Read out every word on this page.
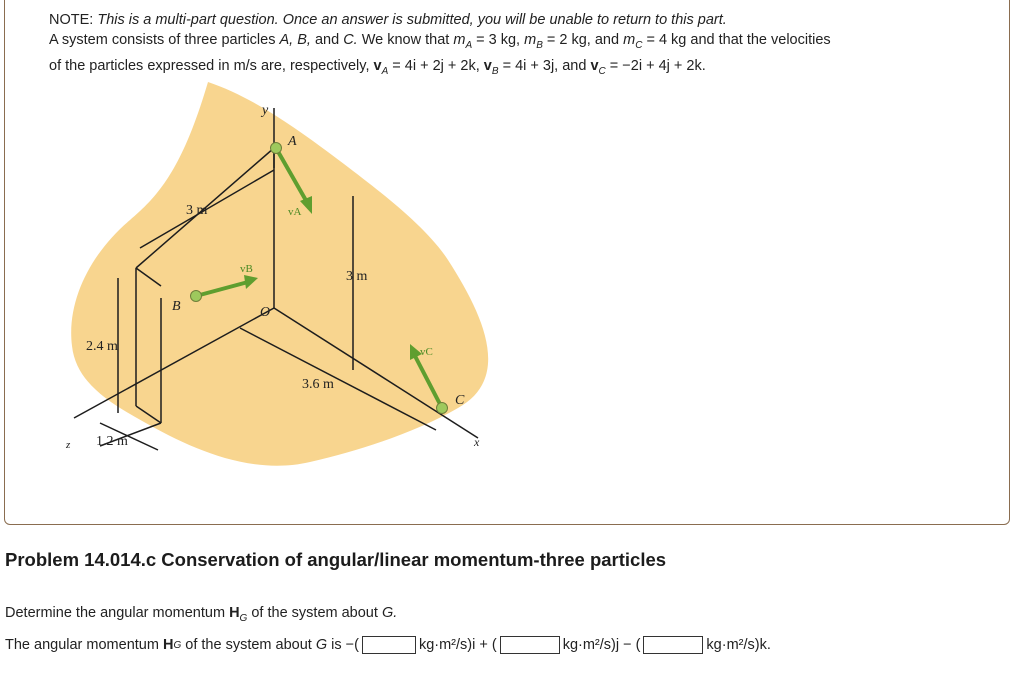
NOTE: This is a multi-part question. Once an answer is submitted, you will be unable to return to this part.
A system consists of three particles A, B, and C. We know that $m_A = 3$ kg, $m_B = 2$ kg, and $m_C = 4$ kg and that the velocities
of the particles expressed in m/s are, respectively, $v_A = 4i + 2j + 2k$, $v_B = 4i + 3j$, and $v_C = -2i + 4j + 2k$.
y
A
vA
3 m
vB	3 m
B	O
2.4 m	vC
3.6 m
C
z 1.2 m	x
Problem 14.014.c Conservation of angular/linear momentum-three particles
Determine the angular momentum $H_G$ of the system about G.
The angular momentum
H G
of the system about
G
is −(	kg·m²/s)i + (	kg·m²/s)j − (	kg·m²/s)k.
